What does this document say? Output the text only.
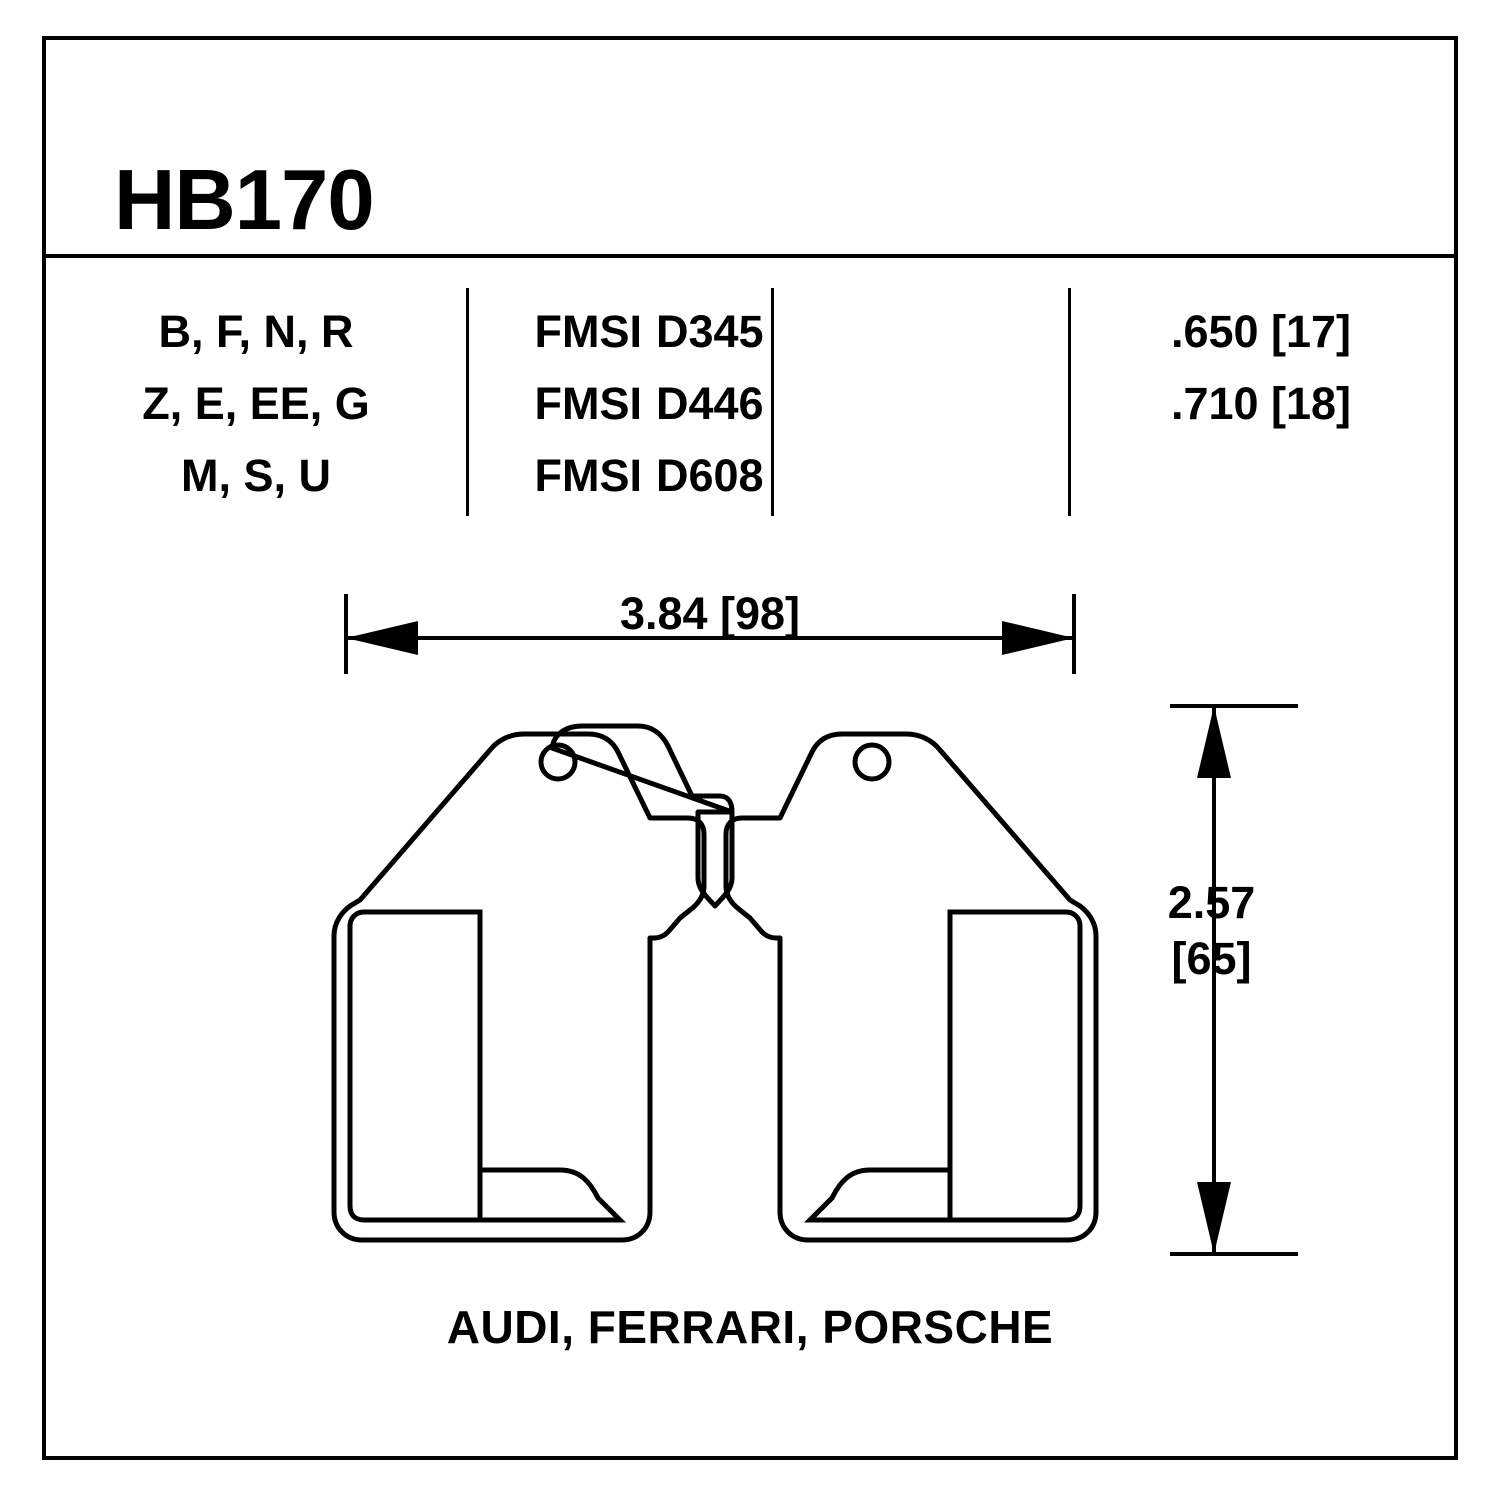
HB170
B, F, N, R	FMSI D345	.650 [17]
Z, E, EE, G	FMSI D446	.710 [18]
M, S, U	FMSI D608
3.84 [98]
2.57
[65]
AUDI, FERRARI, PORSCHE
